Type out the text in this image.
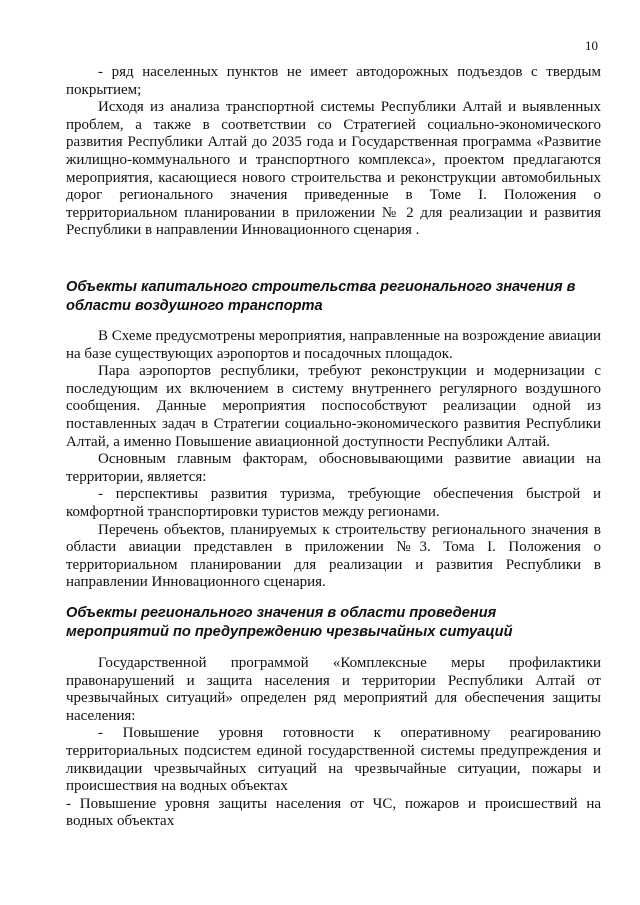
10

- ряд населенных пунктов не имеет автодорожных подъездов с твердым покрытием;

Исходя из анализа транспортной системы Республики Алтай и выявленных проблем, а также в соответствии со Стратегией социально-экономического развития Республики Алтай до 2035 года и Государственная программа «Развитие жилищно-коммунального и транспортного комплекса», проектом предлагаются мероприятия, касающиеся нового строительства и реконструкции автомобильных дорог регионального значения приведенные в Томе I. Положения о территориальном планировании в приложении № 2 для реализации и развития Республики в направлении Инновационного сценария .

Объекты капитального строительства регионального значения в области воздушного транспорта

В Схеме предусмотрены мероприятия, направленные на возрождение авиации на базе существующих аэропортов и посадочных площадок.

Пара аэропортов республики, требуют реконструкции и модернизации с последующим их включением в систему внутреннего регулярного воздушного сообщения. Данные мероприятия поспособствуют реализации одной из поставленных задач в Стратегии социально-экономического развития Республики Алтай, а именно Повышение авиационной доступности Республики Алтай.

Основным главным факторам, обосновывающими развитие авиации на территории, является:

- перспективы развития туризма, требующие обеспечения быстрой и комфортной транспортировки туристов между регионами.

Перечень объектов, планируемых к строительству регионального значения в области авиации представлен в приложении №3. Тома I. Положения о территориальном планировании для реализации и развития Республики в направлении Инновационного сценария.

Объекты регионального значения в области проведения мероприятий по предупреждению чрезвычайных ситуаций

Государственной программой «Комплексные меры профилактики правонарушений и защита населения и территории Республики Алтай от чрезвычайных ситуаций» определен ряд мероприятий для обеспечения защиты населения:

- Повышение уровня готовности к оперативному реагированию территориальных подсистем единой государственной системы предупреждения и ликвидации чрезвычайных ситуаций на чрезвычайные ситуации, пожары и происшествия на водных объектах

- Повышение уровня защиты населения от ЧС, пожаров и происшествий на водных объектах
